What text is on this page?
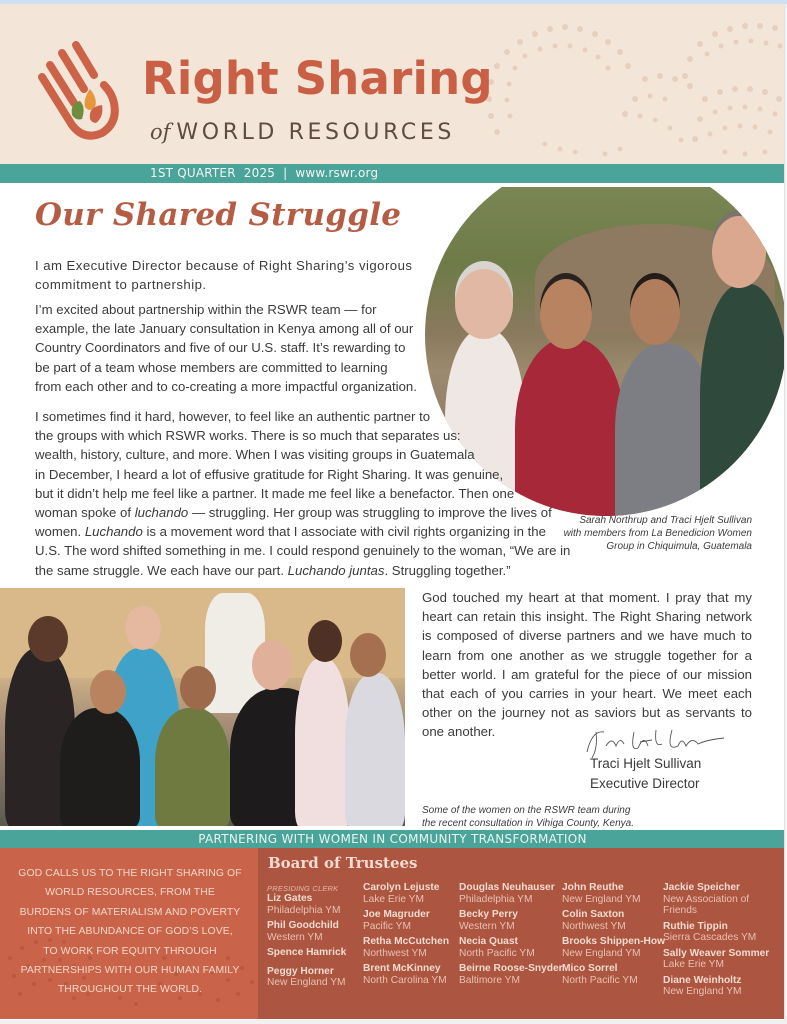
Right Sharing
of WORLD RESOURCES
1ST QUARTER  2025 | www.rswr.org
Our Shared Struggle

I am Executive Director because of Right Sharing’s vigorous commitment to partnership.

I’m excited about partnership within the RSWR team — for example, the late January consultation in Kenya among all of our Country Coordinators and five of our U.S. staff. It’s rewarding to be part of a team whose members are committed to learning from each other and to co-creating a more impactful organization.

I sometimes find it hard, however, to feel like an authentic partner to
the groups with which RSWR works. There is so much that separates us:
wealth, history, culture, and more. When I was visiting groups in Guatemala
in December, I heard a lot of effusive gratitude for Right Sharing. It was genuine,
but it didn’t help me feel like a partner. It made me feel like a benefactor. Then one
woman spoke of luchando — struggling. Her group was struggling to improve the lives of
women. Luchando is a movement word that I associate with civil rights organizing in the
U.S. The word shifted something in me. I could respond genuinely to the woman, “We are in
the same struggle. We each have our part. Luchando juntas. Struggling together.”

Sarah Northrup and Traci Hjelt Sullivan
with members from La Benedicion Women
Group in Chiquimula, Guatemala

God touched my heart at that moment. I pray that my heart can retain this insight. The Right Sharing network is composed of diverse partners and we have much to learn from one another as we struggle together for a better world. I am grateful for the piece of our mission that each of you carries in your heart. We meet each other on the journey not as saviors but as servants to one another.

Traci Hjelt Sullivan
Executive Director
Some of the women on the RSWR team during
the recent consultation in Vihiga County, Kenya.
PARTNERING WITH WOMEN IN COMMUNITY TRANSFORMATION
GOD CALLS US TO THE RIGHT SHARING OF
WORLD RESOURCES, FROM THE
BURDENS OF MATERIALISM AND POVERTY
INTO THE ABUNDANCE OF GOD’S LOVE,
TO WORK FOR EQUITY THROUGH
PARTNERSHIPS WITH OUR HUMAN FAMILY
THROUGHOUT THE WORLD.
Board of Trustees
PRESIDING CLERK
Liz Gates
Philadelphia YM
Phil Goodchild
Western YM
Spence Hamrick
Peggy Horner
New England YM
Carolyn Lejuste
Lake Erie YM
Joe Magruder
Pacific YM
Retha McCutchen
Northwest YM
Brent McKinney
North Carolina YM
Douglas Neuhauser
Philadelphia YM
Becky Perry
Western YM
Necia Quast
North Pacific YM
Beirne Roose-Snyder
Baltimore YM
John Reuthe
New England YM
Colin Saxton
Northwest YM
Brooks Shippen-How
New England YM
Mico Sorrel
North Pacific YM
Jackie Speicher
New Association of Friends
Ruthie Tippin
Sierra Cascades YM
Sally Weaver Sommer
Lake Erie YM
Diane Weinholtz
New England YM
